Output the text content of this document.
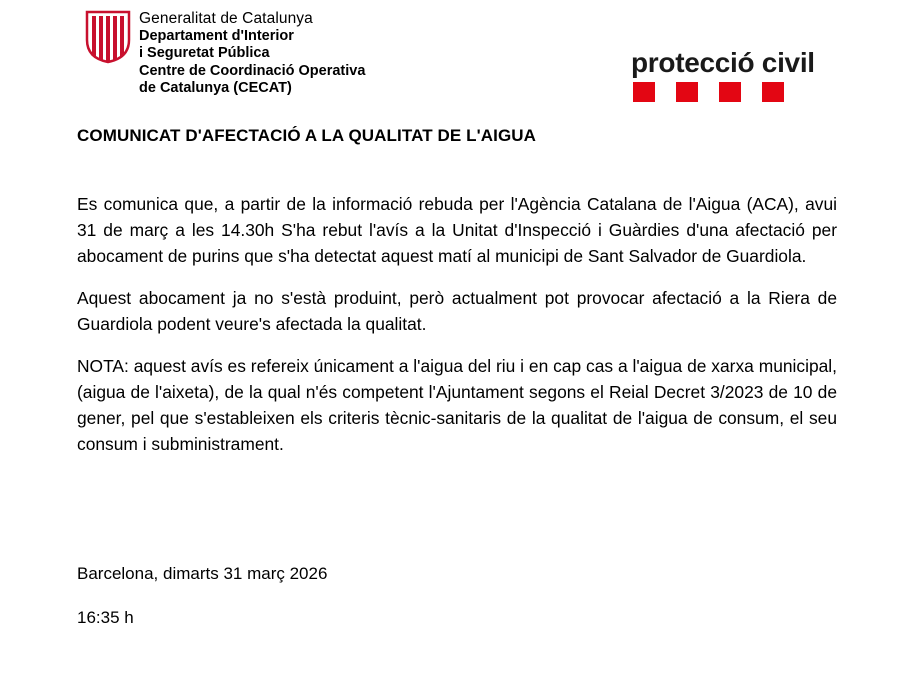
Generalitat de Catalunya
Departament d'Interior
i Seguretat Pública
Centre de Coordinació Operativa
de Catalunya (CECAT)
protecció civil
COMUNICAT D'AFECTACIÓ A LA QUALITAT DE L'AIGUA

Es comunica que, a partir de la informació rebuda per l'Agència Catalana de l'Aigua (ACA), avui 31 de març a les 14.30h S'ha rebut l'avís a la Unitat d'Inspecció i Guàrdies d'una afectació per abocament de purins que s'ha detectat aquest matí al municipi de Sant Salvador de Guardiola.

Aquest abocament ja no s'està produint, però actualment pot provocar afectació a la Riera de Guardiola podent veure's afectada la qualitat.

NOTA: aquest avís es refereix únicament a l'aigua del riu i en cap cas a l'aigua de xarxa municipal, (aigua de l'aixeta), de la qual n'és competent l'Ajuntament segons el Reial Decret 3/2023 de 10 de gener, pel que s'estableixen els criteris tècnic-sanitaris de la qualitat de l'aigua de consum, el seu consum i subministrament.

Barcelona, dimarts 31 març 2026
16:35 h
